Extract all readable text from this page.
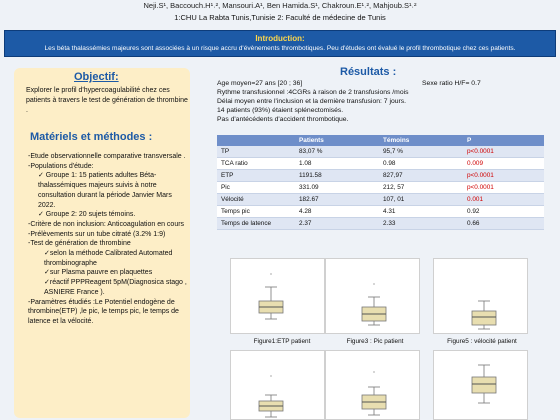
Neji.S¹, Baccouch.H¹˒², Mansouri.A¹, Ben Hamida.S¹, Chakroun.E¹˒², Mahjoub.S¹˒²
1:CHU La Rabta Tunis,Tunisie 2: Faculté de médecine de Tunis
Introduction:
Les béta thalassémies majeures sont associées à un risque accru d'évènements thrombotiques. Peu d'études ont évalué le profil thrombotique chez ces patients.
Objectif:
Explorer le profil d'hypercoagulabilité chez ces patients à travers le test de génération de thrombine .
Matériels et méthodes :
-Etude observationnelle comparative transversale .
-Populations d'étude:
✓ Groupe 1: 15 patients adultes Béta-thalassémiques majeurs suivis à notre consultation durant la période Janvier Mars 2022.
✓ Groupe 2: 20 sujets témoins.
-Critère de non inclusion: Anticoagulation en cours
-Prélèvements sur un tube citraté (3.2% 1:9)
-Test de génération de thrombine
✓selon la méthode Calibrated Automated thrombinographe
✓sur Plasma pauvre en plaquettes
✓réactif PPPReagent 5pM(Diagnosica stago , ASNIERE France ).
-Paramètres étudiés :Le Potentiel endogène de thrombine(ETP) ,le pic, le temps pic, le temps de latence et la vélocité.
Résultats :
Age moyen=27 ans [20 ; 36]	Sexe ratio H/F= 0.7
Rythme transfusionnel :4CGRs à raison de 2 transfusions /mois
Délai moyen entre l'inclusion et la dernière transfusion: 7 jours.
14 patients (93%) étaient splénectomisés.
Pas d'antécédents d'accident thrombotique.
	Patients	Témoins	P
TP	83,07 %	95,7 %	p<0.0001
TCA ratio	1.08	0.98	0.009
ETP	1191.58	827,97	p<0.0001
Pic	331.09	212, 57	p<0.0001
Vélocité	182.67	107, 01	0.001
Temps pic	4.28	4.31	0.92
Temps de latence	2.37	2.33	0.66
Figure1:ETP patient	Figure3 : Pic patient	Figure5 : vélocité patient
